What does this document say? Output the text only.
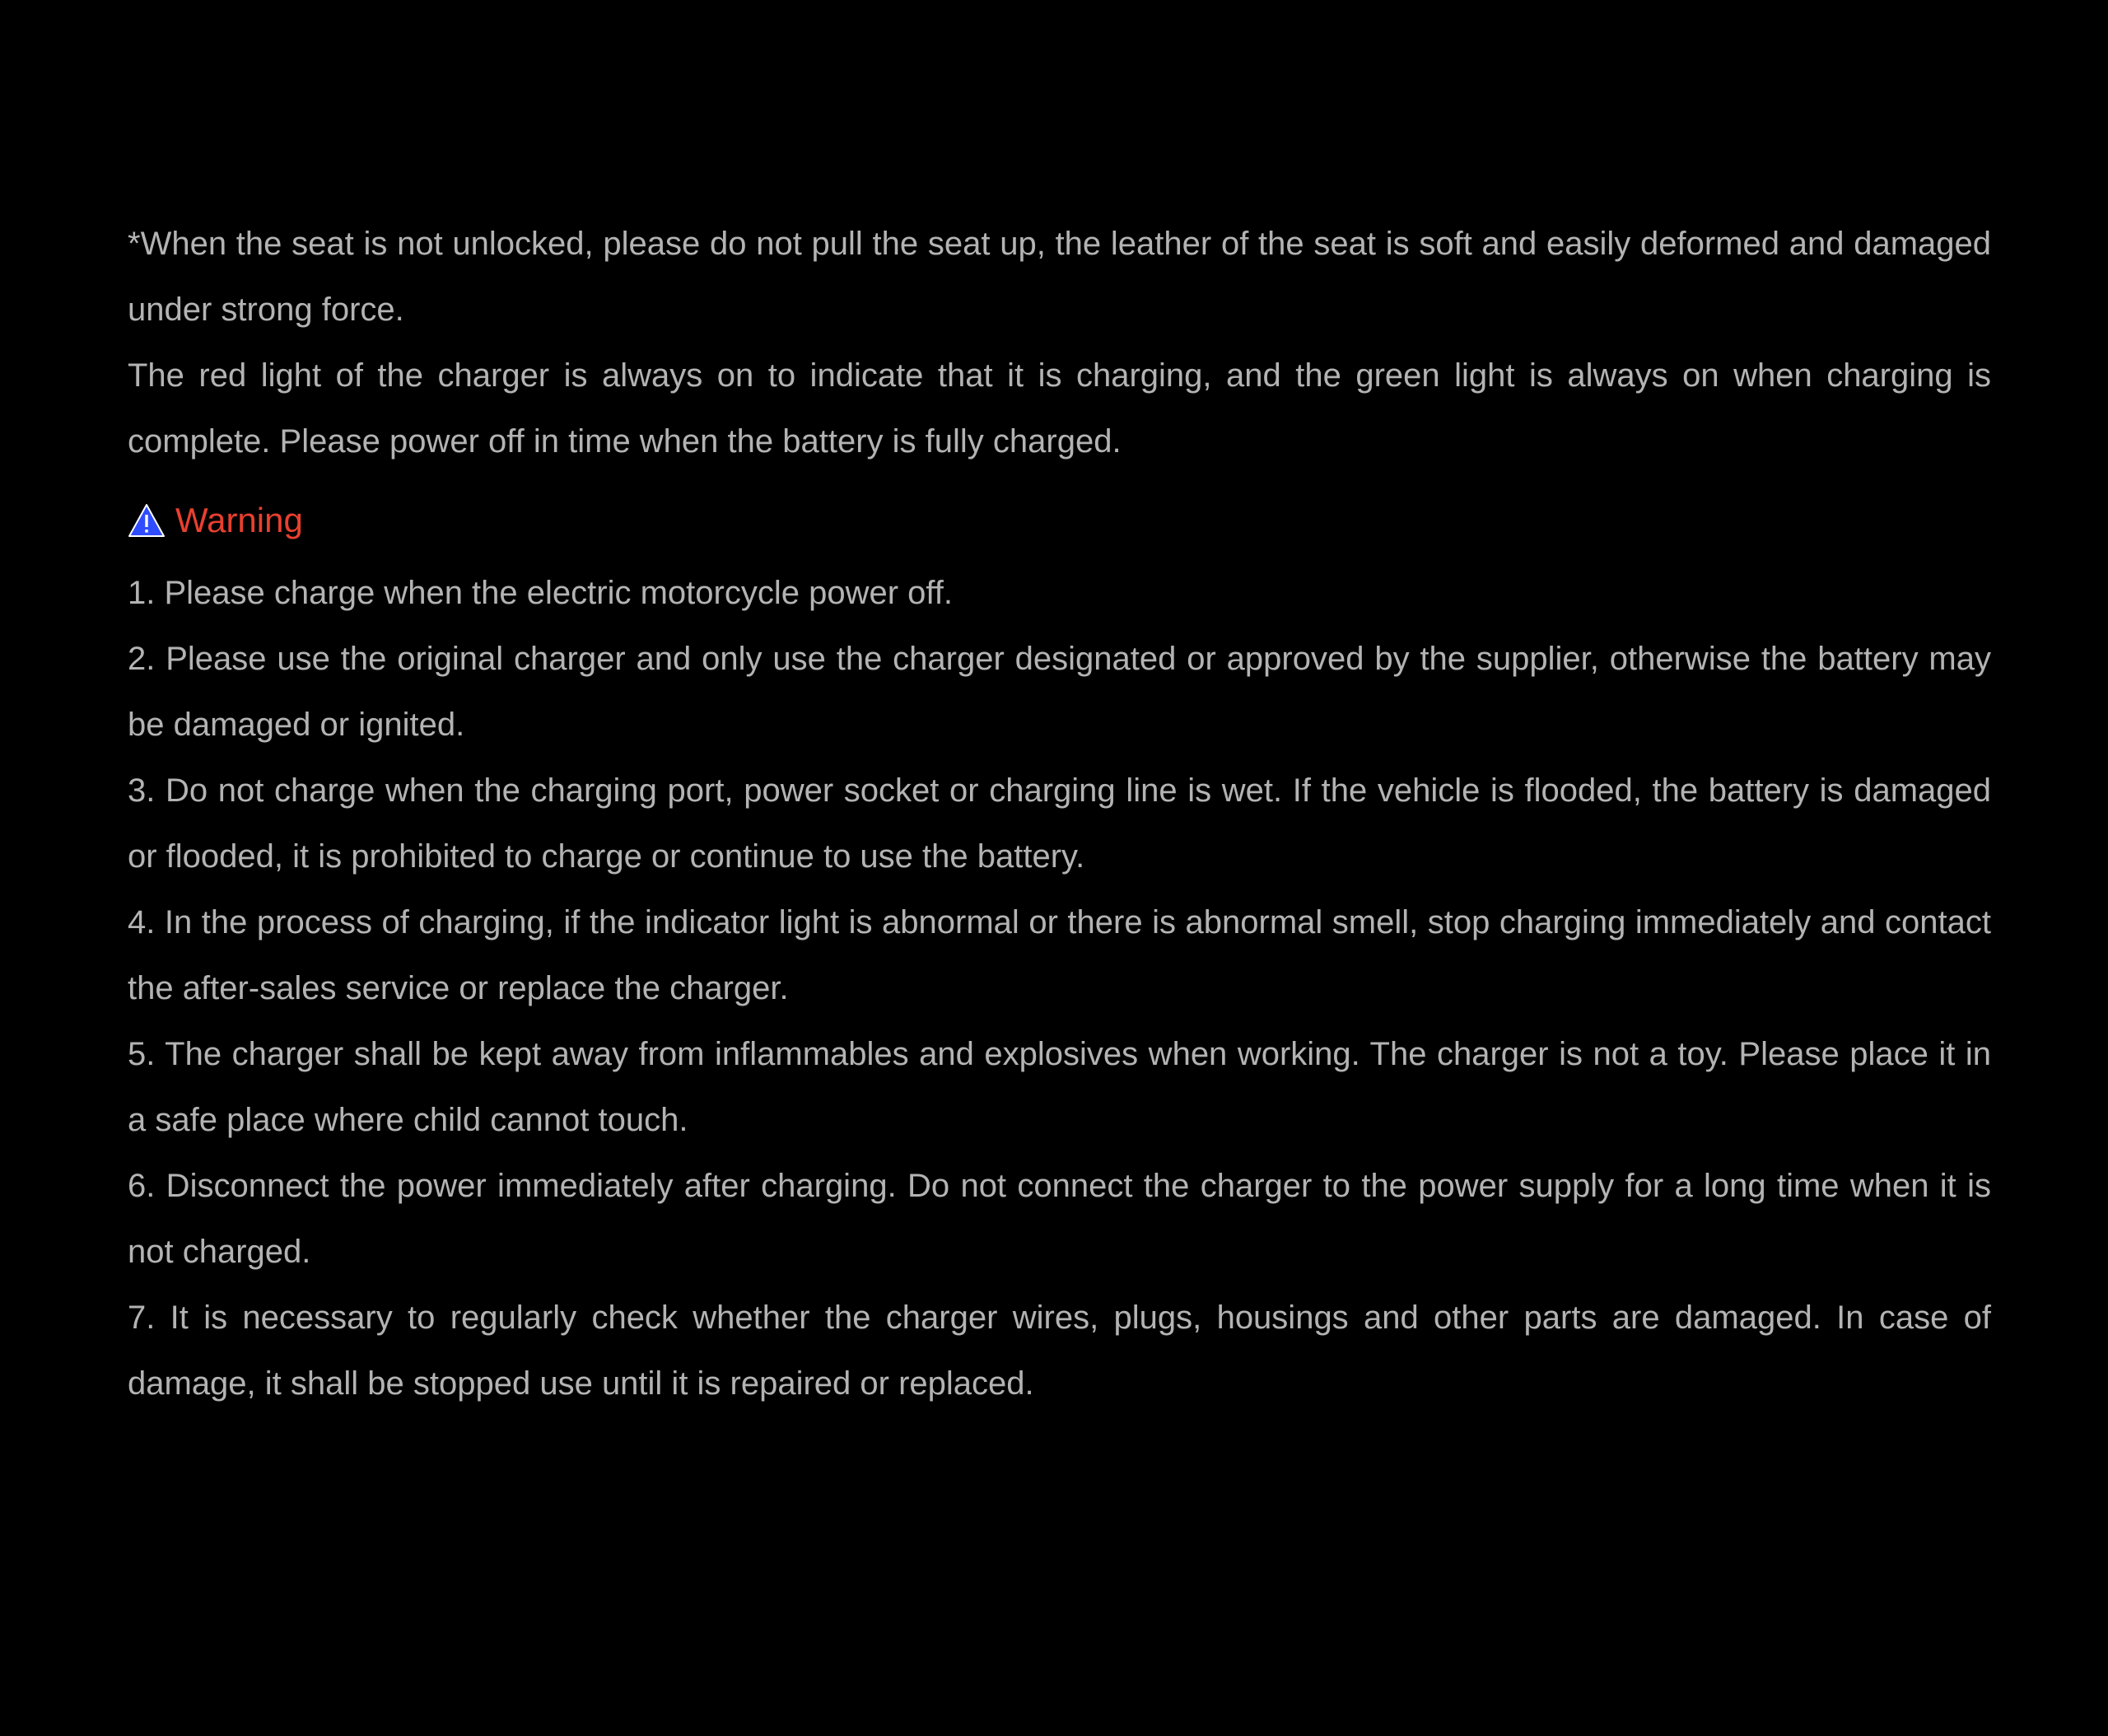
*When the seat is not unlocked, please do not pull the seat up, the leather of the seat is soft and easily deformed and damaged under strong force.

The red light of the charger is always on to indicate that it is charging, and the green light is always on when charging is complete. Please power off in time when the battery is fully charged.

Warning

1. Please charge when the electric motorcycle power off.

2. Please use the original charger and only use the charger designated or approved by the supplier, otherwise the battery may be damaged or ignited.

3. Do not charge when the charging port, power socket or charging line is wet. If the vehicle is flooded, the battery is damaged or flooded, it is prohibited to charge or continue to use the battery.

4. In the process of charging, if the indicator light is abnormal or there is abnormal smell, stop charging immediately and contact the after-sales service or replace the charger.

5. The charger shall be kept away from inflammables and explosives when working. The charger is not a toy. Please place it in a safe place where child cannot touch.

6. Disconnect the power immediately after charging. Do not connect the charger to the power supply for a long time when it is not charged.

7. It is necessary to regularly check whether the charger wires, plugs, housings and other parts are damaged. In case of damage, it shall be stopped use until it is repaired or replaced.
